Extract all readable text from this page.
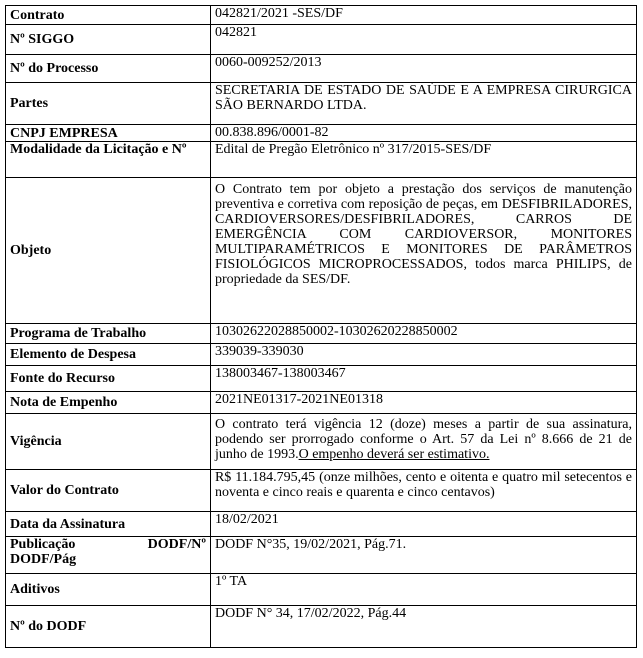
Contrato	042821/2021 -SES/DF
Nº SIGGO	042821
Nº do Processo	0060-009252/2013
Partes	SECRETARIA DE ESTADO DE SAÚDE E A EMPRESA CIRURGICA SÃO BERNARDO LTDA.
CNPJ EMPRESA	00.838.896/0001-82
Modalidade da Licitação e Nº	Edital de Pregão Eletrônico nº 317/2015-SES/DF
Objeto	O Contrato tem por objeto a prestação dos serviços de manutenção preventiva e corretiva com reposição de peças, em DESFIBRILADORES, CARDIOVERSORES/DESFIBRILADORES, CARROS DE EMERGÊNCIA COM CARDIOVERSOR, MONITORES MULTIPARAMÉTRICOS E MONITORES DE PARÂMETROS FISIOLÓGICOS MICROPROCESSADOS, todos marca PHILIPS, de propriedade da SES/DF.
Programa de Trabalho	10302622028850002-10302620228850002
Elemento de Despesa	339039-339030
Fonte do Recurso	138003467-138003467
Nota de Empenho	2021NE01317-2021NE01318
Vigência	O contrato terá vigência 12 (doze) meses a partir de sua assinatura, podendo ser prorrogado conforme o Art. 57 da Lei nº 8.666 de 21 de junho de 1993.O empenho deverá ser estimativo.
Valor do Contrato	R$ 11.184.795,45 (onze milhões, cento e oitenta e quatro mil setecentos e noventa e cinco reais e quarenta e cinco centavos)
Data da Assinatura	18/02/2021

Publicação DODF/Nº
DODF/Pág	DODF N°35, 19/02/2021, Pág.71.
Aditivos	1º TA
Nº do DODF	DODF N° 34, 17/02/2022, Pág.44
